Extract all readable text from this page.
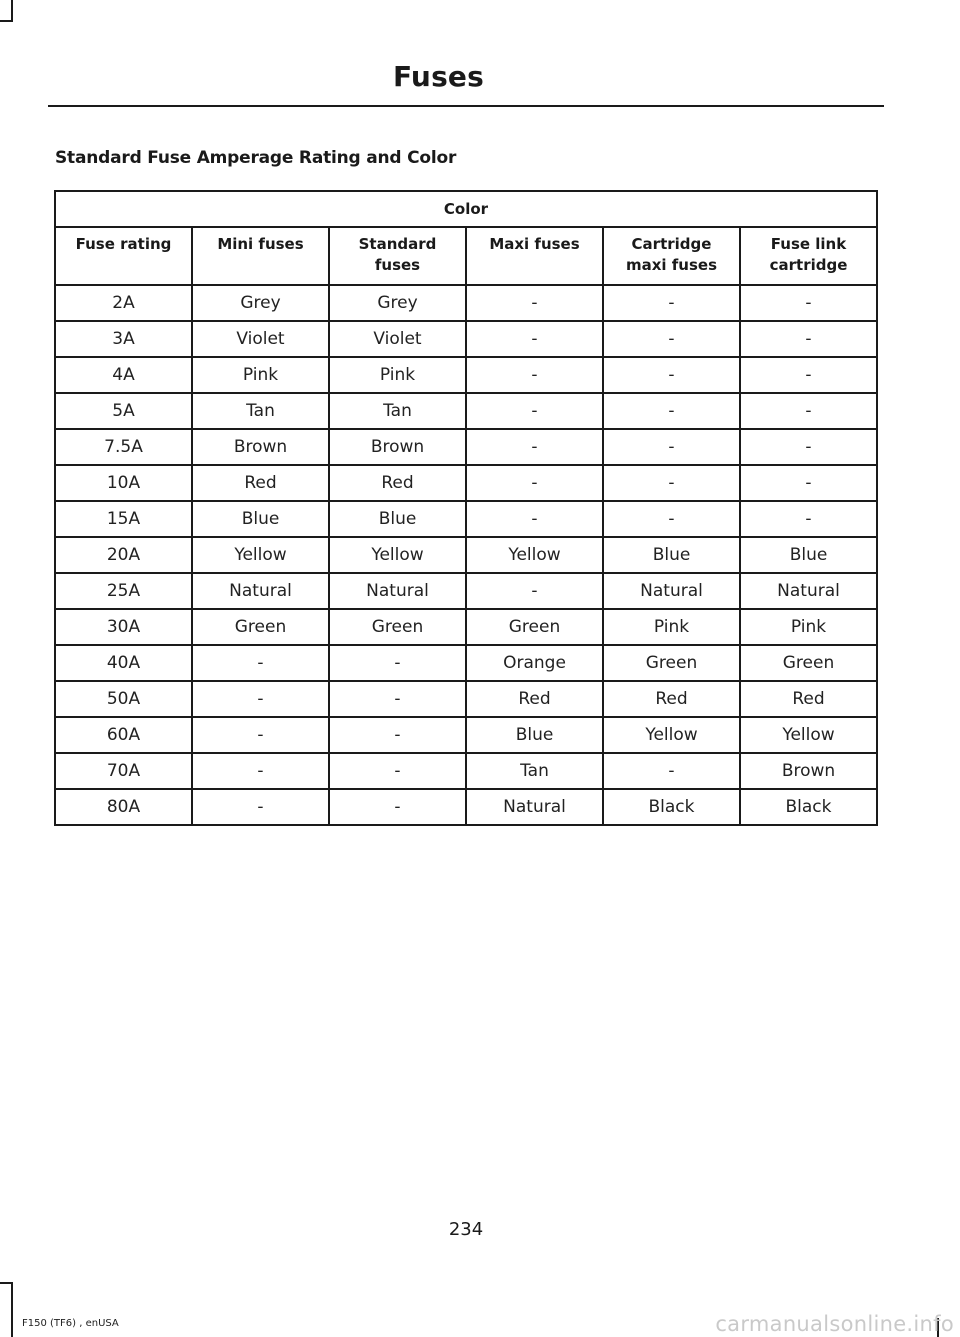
Fuses
Standard Fuse Amperage Rating and Color
Color					
Fuse rating	Mini fuses	Standard fuses	Maxi fuses	Cartridge maxi fuses	Fuse link cartridge
2A	Grey	Grey	-	-	-
3A	Violet	Violet	-	-	-
4A	Pink	Pink	-	-	-
5A	Tan	Tan	-	-	-
7.5A	Brown	Brown	-	-	-
10A	Red	Red	-	-	-
15A	Blue	Blue	-	-	-
20A	Yellow	Yellow	Yellow	Blue	Blue
25A	Natural	Natural	-	Natural	Natural
30A	Green	Green	Green	Pink	Pink
40A	-	-	Orange	Green	Green
50A	-	-	Red	Red	Red
60A	-	-	Blue	Yellow	Yellow
70A	-	-	Tan	-	Brown
80A	-	-	Natural	Black	Black
234
F150 (TF6) , enUSA	carmanualsonline.info
